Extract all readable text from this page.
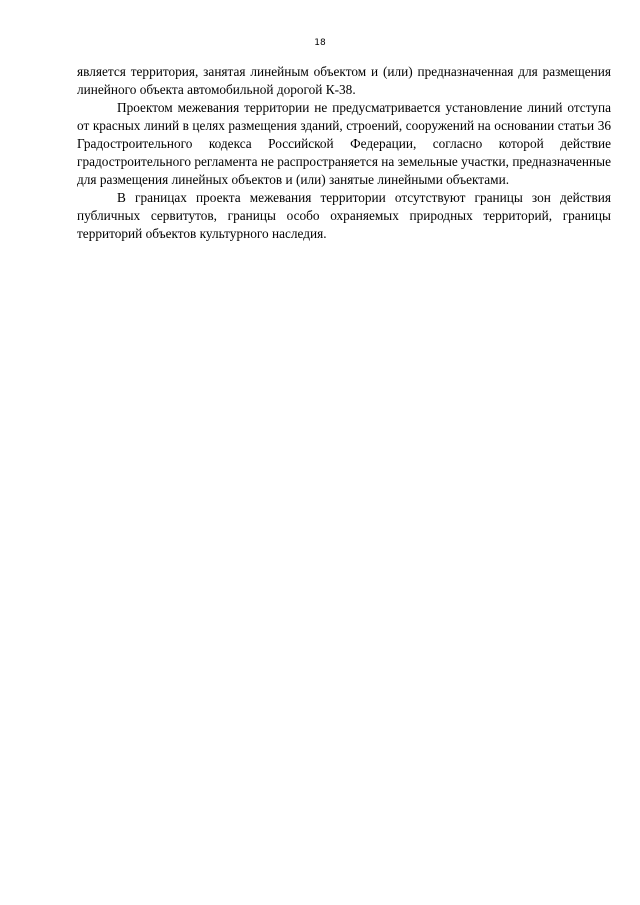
18

является территория, занятая линейным объектом и (или) предназначенная для размещения линейного объекта автомобильной дорогой К-38.

Проектом межевания территории не предусматривается установление линий отступа от красных линий в целях размещения зданий, строений, сооружений на основании статьи 36 Градостроительного кодекса Российской Федерации, согласно которой действие градостроительного регламента не распространяется на земельные участки, предназначенные для размещения линейных объектов и (или) занятые линейными объектами.

В границах проекта межевания территории отсутствуют границы зон действия публичных сервитутов, границы особо охраняемых природных территорий, границы территорий объектов культурного наследия.
